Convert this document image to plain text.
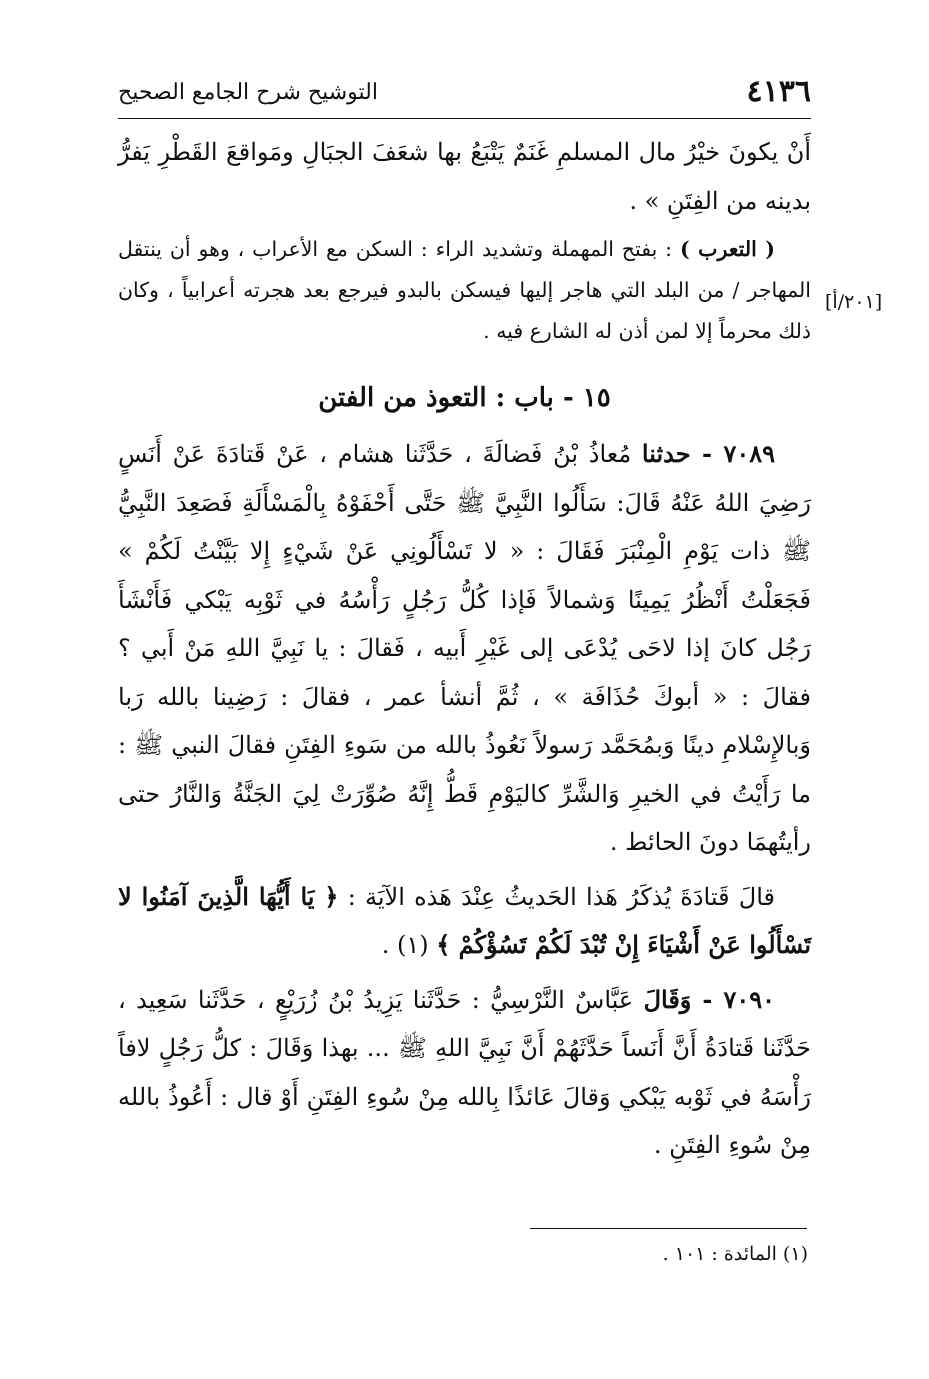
٤١٣٦
التوشيح شرح الجامع الصحيح
[٢٠١/أ]

أَنْ يكونَ خيْرُ مال المسلمِ غَنَمٌ يَتْبَعُ بها شعَفَ الجبَالِ ومَواقعَ القَطْرِ يَفرُّ بدينه من الفِتَنِ » .

( التعرب ) : بفتح المهملة وتشديد الراء : السكن مع الأعراب ، وهو أن ينتقل المهاجر / من البلد التي هاجر إليها فيسكن بالبدو فيرجع بعد هجرته أعرابياً ، وكان ذلك محرماً إلا لمن أذن له الشارع فيه .

١٥ - باب : التعوذ من الفتن

٧٠٨٩ - حدثنا مُعاذُ بْنُ فَضالَةَ ، حَدَّثَنا هشام ، عَنْ قَتادَةَ عَنْ أَنَسٍ رَضِيَ اللهُ عَنْهُ قَالَ: سَأَلُوا النَّبِيَّ ﷺ حَتَّى أَحْفَوْهُ بِالْمَسْأَلَةِ فَصَعِدَ النَّبِيُّ ﷺ ذات يَوْمِ الْمِنْبَرَ فَقَالَ : « لا تَسْأَلُونِي عَنْ شَيْءٍ إِلا بَيَّنْتُ لَكُمْ » فَجَعَلْتُ أَنْظُرُ يَمِينًا وَشمالاً فَإذا كُلُّ رَجُلٍ رَأْسُهُ في ثَوْبِه يَبْكي فَأَنْشَأَ رَجُل كانَ إذا لاحَى يُدْعَى إلى غَيْرِ أَبيه ، فَقالَ : يا نَبِيَّ اللهِ مَنْ أَبي ؟ فقالَ : « أبوكَ حُذَافَة » ، ثُمَّ أنشأ عمر ، فقالَ : رَضِينا بالله رَبا وَبالإِسْلامِ دينًا وَبمُحَمَّد رَسولاً نَعُوذُ بالله من سَوءِ الفِتَنِ فقالَ النبي ﷺ : ما رَأَيْتُ في الخيرِ وَالشَّرِّ كاليَوْمِ قَطُّ إِنَّهُ صُوِّرَتْ لِيَ الجَنَّةُ وَالنَّارُ حتى رأيتُهمَا دونَ الحائط .

قالَ قَتادَةَ يُذكَرُ هَذا الحَديثُ عِنْدَ هَذه الآيَة : ﴿ يَا أَيُّهَا الَّذِينَ آمَنُوا لا تَسْأَلُوا عَنْ أَشْيَاءَ إِنْ تُبْدَ لَكُمْ تَسُؤْكُمْ ﴾ (١) .

٧٠٩٠ - وَقَالَ عَبَّاسٌ النَّرْسِيُّ : حَدَّثَنا يَزِيدُ بْنُ زُرَيْعٍ ، حَدَّثَنا سَعِيد ، حَدَّثَنا قَتادَةُ أَنَّ أَنَساً حَدَّثَهُمْ أَنَّ نَبِيَّ اللهِ ﷺ ... بهذا وَقَالَ : كلُّ رَجُلٍ لافاً رَأْسَهُ في ثَوْبه يَبْكي وَقالَ عَائذًا بِالله مِنْ سُوءِ الفِتَنِ أَوْ قال : أَعُوذُ بالله مِنْ سُوءِ الفِتَنِ .

(١) المائدة : ١٠١ .
